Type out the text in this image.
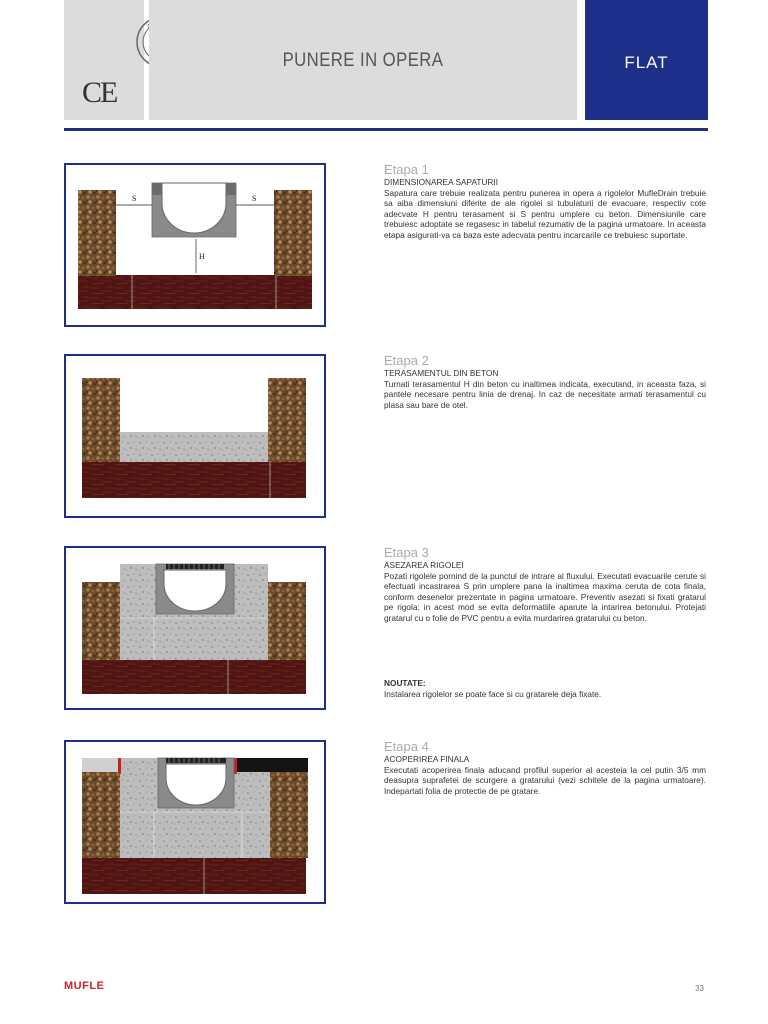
CE
PUNERE IN OPERA	FLAT
S	S
H
Etapa 1
DIMENSIONAREA SAPATURII
Sapatura care trebuie realizata pentru punerea in opera a rigolelor MufleDrain trebuie sa aiba dimensiuni diferite de ale rigolei si tubulaturii de evacuare, respectiv cote adecvate H pentru terasament si S pentru umplere cu beton. Dimensiunile care trebuiesc adoptate se regasesc in tabelul rezumativ de la pagina urmatoare. In aceasta etapa asigurati-va ca baza este adecvata pentru incarcarile ce trebuiesc suportate.
Etapa 2
TERASAMENTUL DIN BETON
Turnati terasamentul H din beton cu inaltimea indicata, executand, in aceasta faza, si pantele necesare pentru linia de drenaj. In caz de necesitate armati terasamentul cu plasa sau bare de otel.
Etapa 3
ASEZAREA RIGOLEI
Pozati rigolele pornind de la punctul de intrare al fluxului. Executati evacuarile cerute si efectuati incastrarea S prin umplere pana la inaltimea maxima ceruta de cota finala, conform desenelor prezentate in pagina urmatoare. Preventiv asezati si fixati gratarul pe rigola: in acest mod se evita deformatiile aparute la intarirea betonului. Protejati gratarul cu o folie de PVC pentru a evita murdarirea gratarului cu beton.
NOUTATE:
Instalarea rigolelor se poate face si cu gratarele deja fixate.
Etapa 4
ACOPERIREA FINALA
Executati acoperirea finala aducand profilul superior al acesteia la cel putin 3/5 mm deasupra suprafetei de scurgere a gratarului (vezi schitele de la pagina urmatoare). Indepartati folia de protectie de pe gratare.
MUFLE	33
